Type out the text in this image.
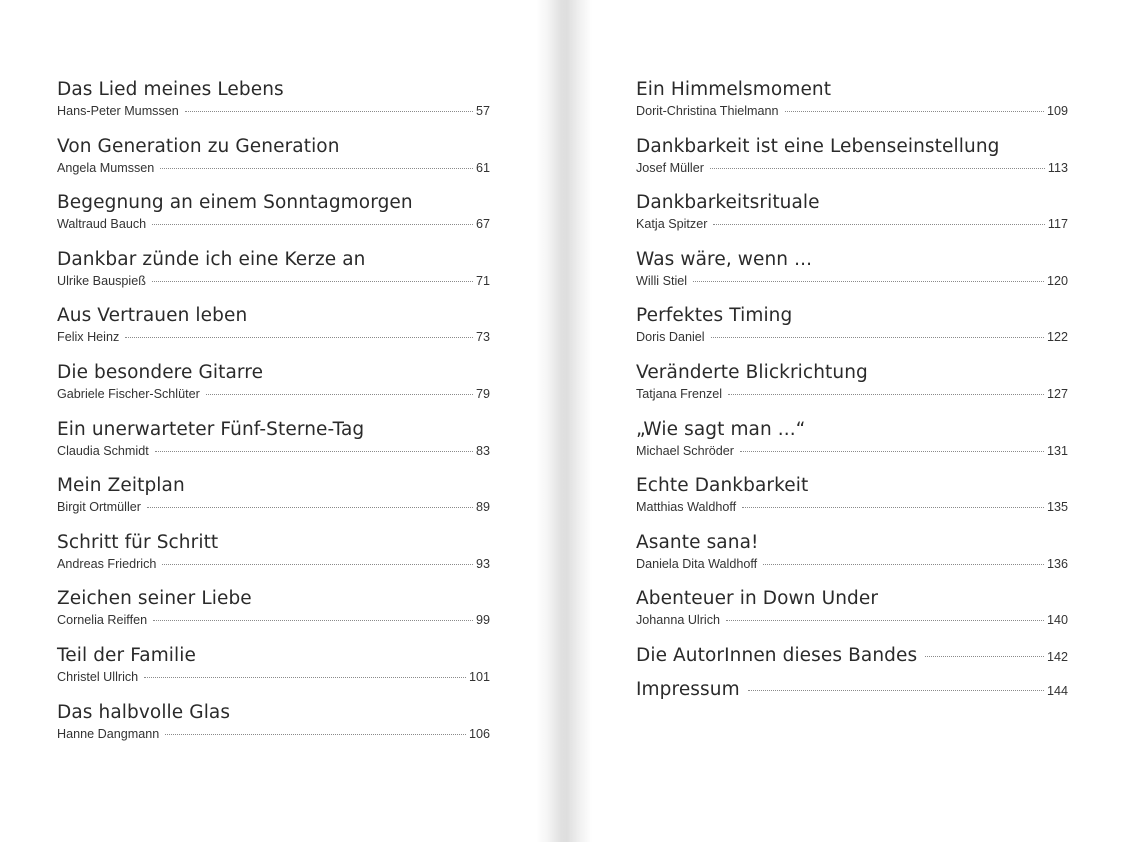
Das Lied meines Lebens
Hans-Peter Mumssen	57
Von Generation zu Generation
Angela Mumssen	61
Begegnung an einem Sonntagmorgen
Waltraud Bauch	67
Dankbar zünde ich eine Kerze an
Ulrike Bauspieß	71
Aus Vertrauen leben
Felix Heinz	73
Die besondere Gitarre
Gabriele Fischer-Schlüter	79
Ein unerwarteter Fünf-Sterne-Tag
Claudia Schmidt	83
Mein Zeitplan
Birgit Ortmüller	89
Schritt für Schritt
Andreas Friedrich	93
Zeichen seiner Liebe
Cornelia Reiffen	99
Teil der Familie
Christel Ullrich	101
Das halbvolle Glas
Hanne Dangmann	106
Ein Himmelsmoment
Dorit-Christina Thielmann	109
Dankbarkeit ist eine Lebenseinstellung
Josef Müller	113
Dankbarkeitsrituale
Katja Spitzer	117
Was wäre, wenn ...
Willi Stiel	120
Perfektes Timing
Doris Daniel	122
Veränderte Blickrichtung
Tatjana Frenzel	127
„Wie sagt man ...“
Michael Schröder	131
Echte Dankbarkeit
Matthias Waldhoff	135
Asante sana!
Daniela Dita Waldhoff	136
Abenteuer in Down Under
Johanna Ulrich	140
Die AutorInnen dieses Bandes	142
Impressum	144
